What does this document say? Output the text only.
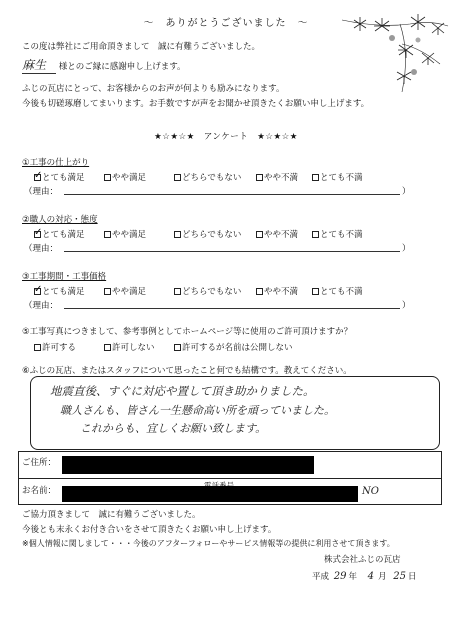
〜　ありがとうございました　〜
この度は弊社にご用命頂きまして　誠に有難うございました。
麻生 様とのご縁に感謝申し上げます。
ふじの瓦店にとって、お客様からのお声が何よりも励みになります。
今後も切磋琢磨してまいります。お手数ですが声をお聞かせ頂きたくお願い申し上げます。
★☆★☆★　アンケート　★☆★☆★
①工事の仕上がり
✓ とても満足	やや満足	どちらでもない	やや不満	とても不満
（理由：	）
②職人の対応・態度
✓ とても満足	やや満足	どちらでもない	やや不満	とても不満
（理由：	）
③工事期間・工事価格
✓ とても満足	やや満足	どちらでもない	やや不満	とても不満
（理由：	）
⑤工事写真につきまして、参考事例としてホームページ等に使用のご許可頂けますか？
許可する	許可しない	許可するが名前は公開しない
⑥ふじの瓦店、またはスタッフについて思ったこと何でも結構です。教えてください。
地震直後、すぐに対応や置して頂き助かりました。
職人さんも、皆さん一生懸命高い所を頑っていました。
これからも、宜しくお願い致します。
ご住所：
お名前：	NO
ご協力頂きまして　誠に有難うございました。
今後とも末永くお付き合いをさせて頂きたくお願い申し上げます。
※個人情報に関しまして・・・今後のアフターフォローやサービス情報等の提供に利用させて頂きます。
株式会社ふじの瓦店
平成 29 年 4 月 25 日
